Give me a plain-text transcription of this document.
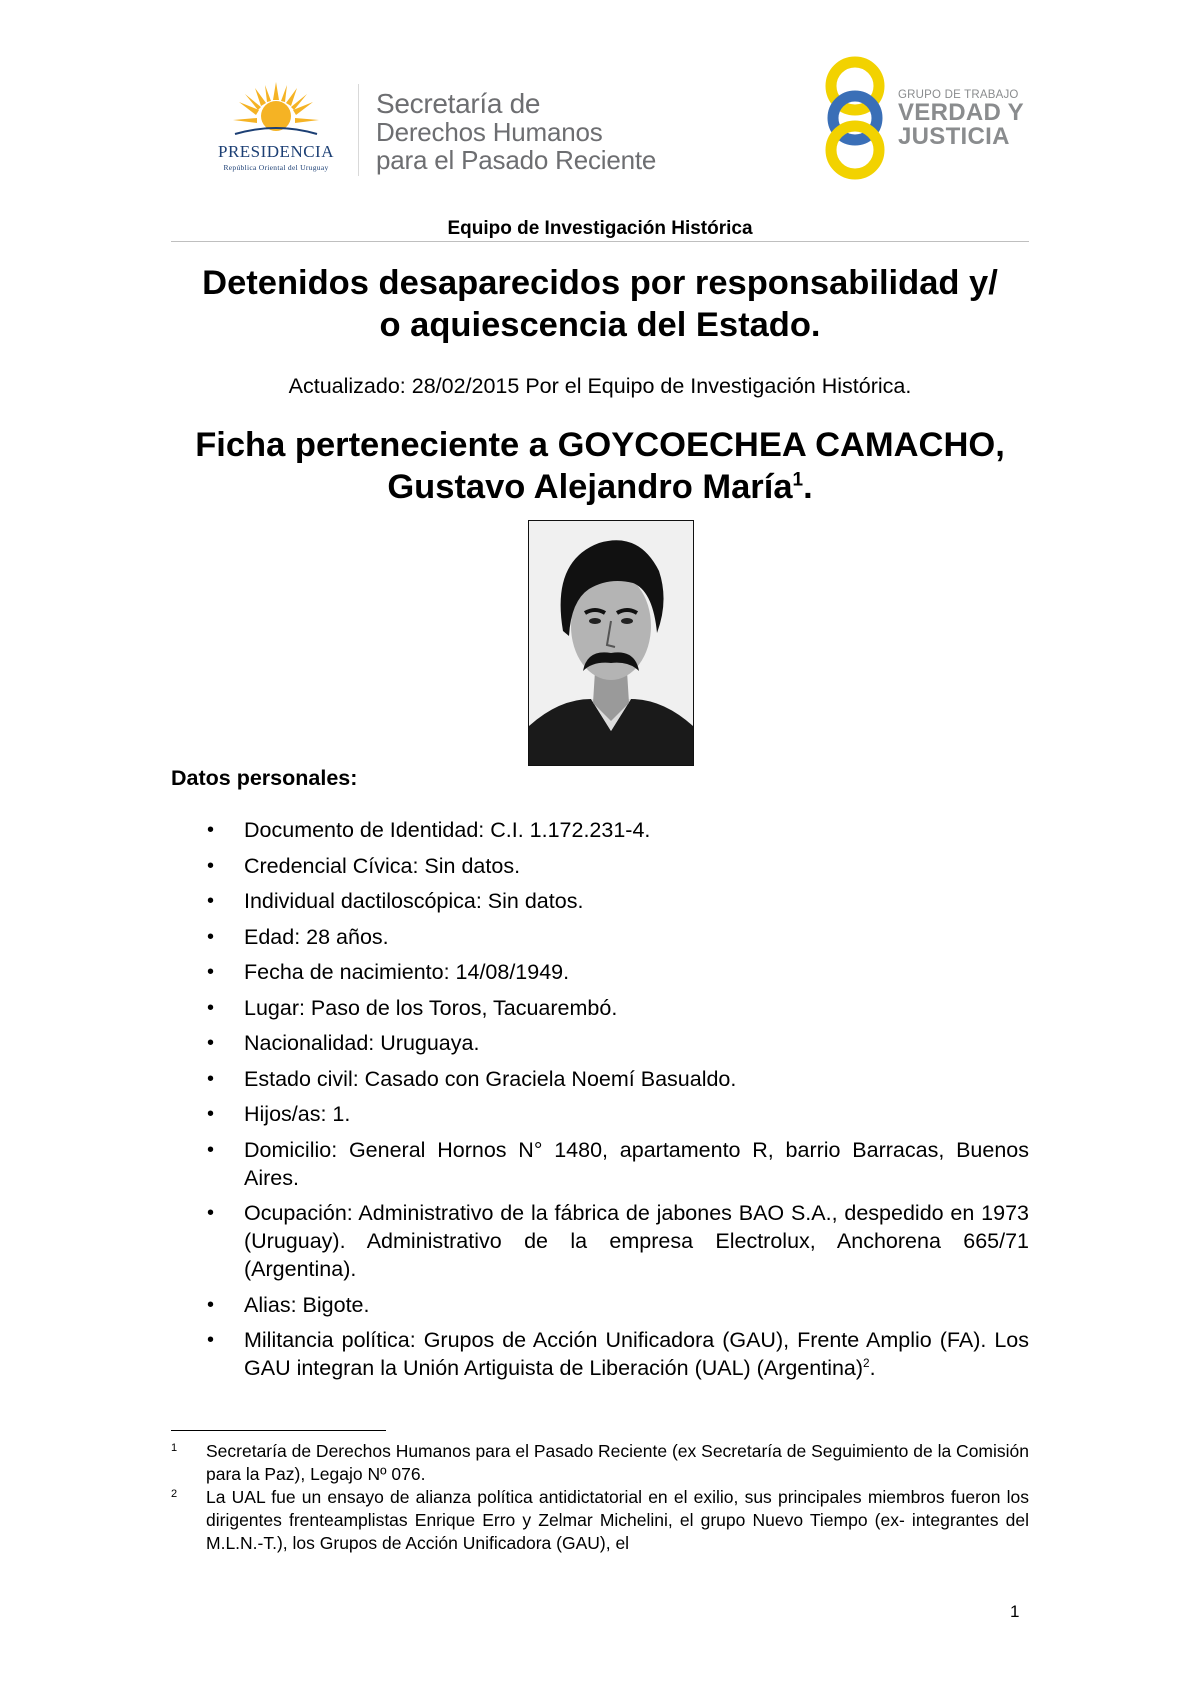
PRESIDENCIA
República Oriental del Uruguay
Secretaría de
Derechos Humanos
para el Pasado Reciente
GRUPO DE TRABAJO
VERDAD Y
JUSTICIA
Equipo de Investigación Histórica
Detenidos desaparecidos por responsabilidad y/
o aquiescencia del Estado.
Actualizado: 28/02/2015 Por el Equipo de Investigación Histórica.
Ficha perteneciente a GOYCOECHEA CAMACHO,
Gustavo Alejandro María$^1$.
Datos personales:
• Documento de Identidad: C.I. 1.172.231-4.
• Credencial Cívica: Sin datos.
• Individual dactiloscópica: Sin datos.
• Edad: 28 años.
• Fecha de nacimiento: 14/08/1949.
• Lugar: Paso de los Toros, Tacuarembó.
• Nacionalidad: Uruguaya.
• Estado civil: Casado con Graciela Noemí Basualdo.
• Hijos/as: 1.
• Domicilio: General Hornos N° 1480, apartamento R, barrio Barracas, Buenos Aires.
• Ocupación: Administrativo de la fábrica de jabones BAO S.A., despedido en 1973 (Uruguay). Administrativo de la empresa Electrolux, Anchorena 665/71 (Argentina).
• Alias: Bigote.
• Militancia política: Grupos de Acción Unificadora (GAU), Frente Amplio (FA). Los GAU integran la Unión Artiguista de Liberación (UAL) (Argentina)$^2$.
1 Secretaría de Derechos Humanos para el Pasado Reciente (ex Secretaría de Seguimiento de la Comisión para la Paz), Legajo Nº 076.
2 La UAL fue un ensayo de alianza política antidictatorial en el exilio, sus principales miembros fueron los dirigentes frenteamplistas Enrique Erro y Zelmar Michelini, el grupo Nuevo Tiempo (ex- integrantes del M.L.N.-T.), los Grupos de Acción Unificadora (GAU), el
1
